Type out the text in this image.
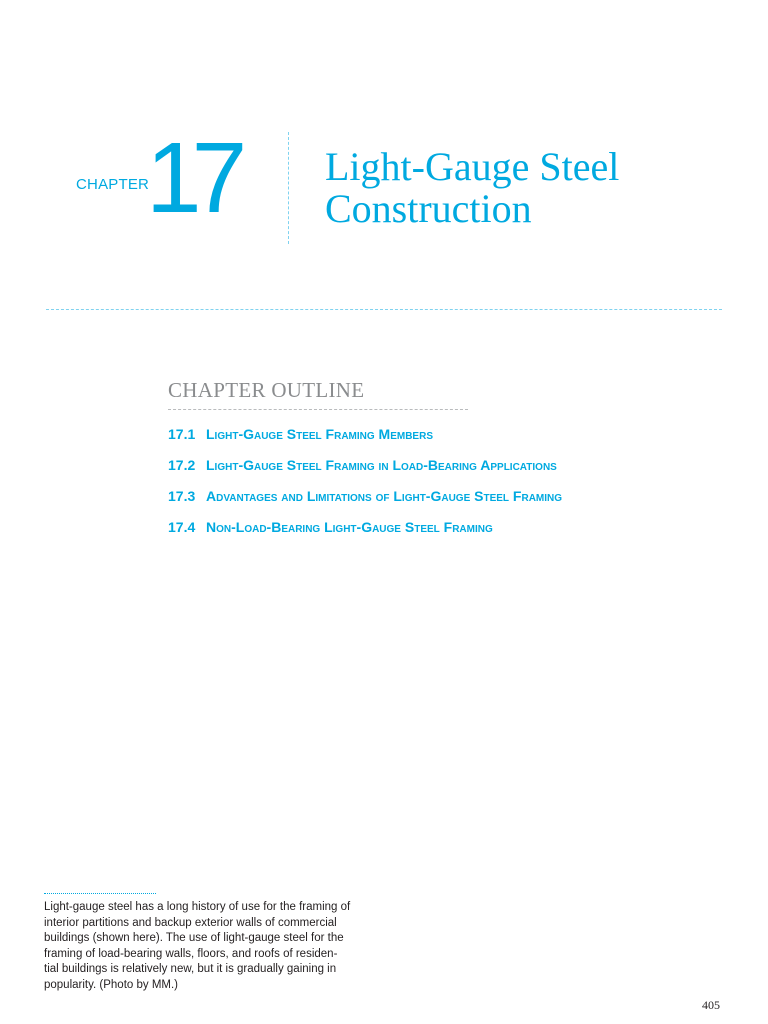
CHAPTER
17 Light-Gauge Steel
Construction
CHAPTER OUTLINE
17.1 Light-Gauge Steel Framing Members
17.2 Light-Gauge Steel Framing in Load-Bearing Applications
17.3 Advantages and Limitations of Light-Gauge Steel Framing
17.4 Non-Load-Bearing Light-Gauge Steel Framing
Light-gauge steel has a long history of use for the framing of
interior partitions and backup exterior walls of commercial
buildings (shown here). The use of light-gauge steel for the
framing of load-bearing walls, floors, and roofs of residen-
tial buildings is relatively new, but it is gradually gaining in
popularity. (Photo by MM.)
405
